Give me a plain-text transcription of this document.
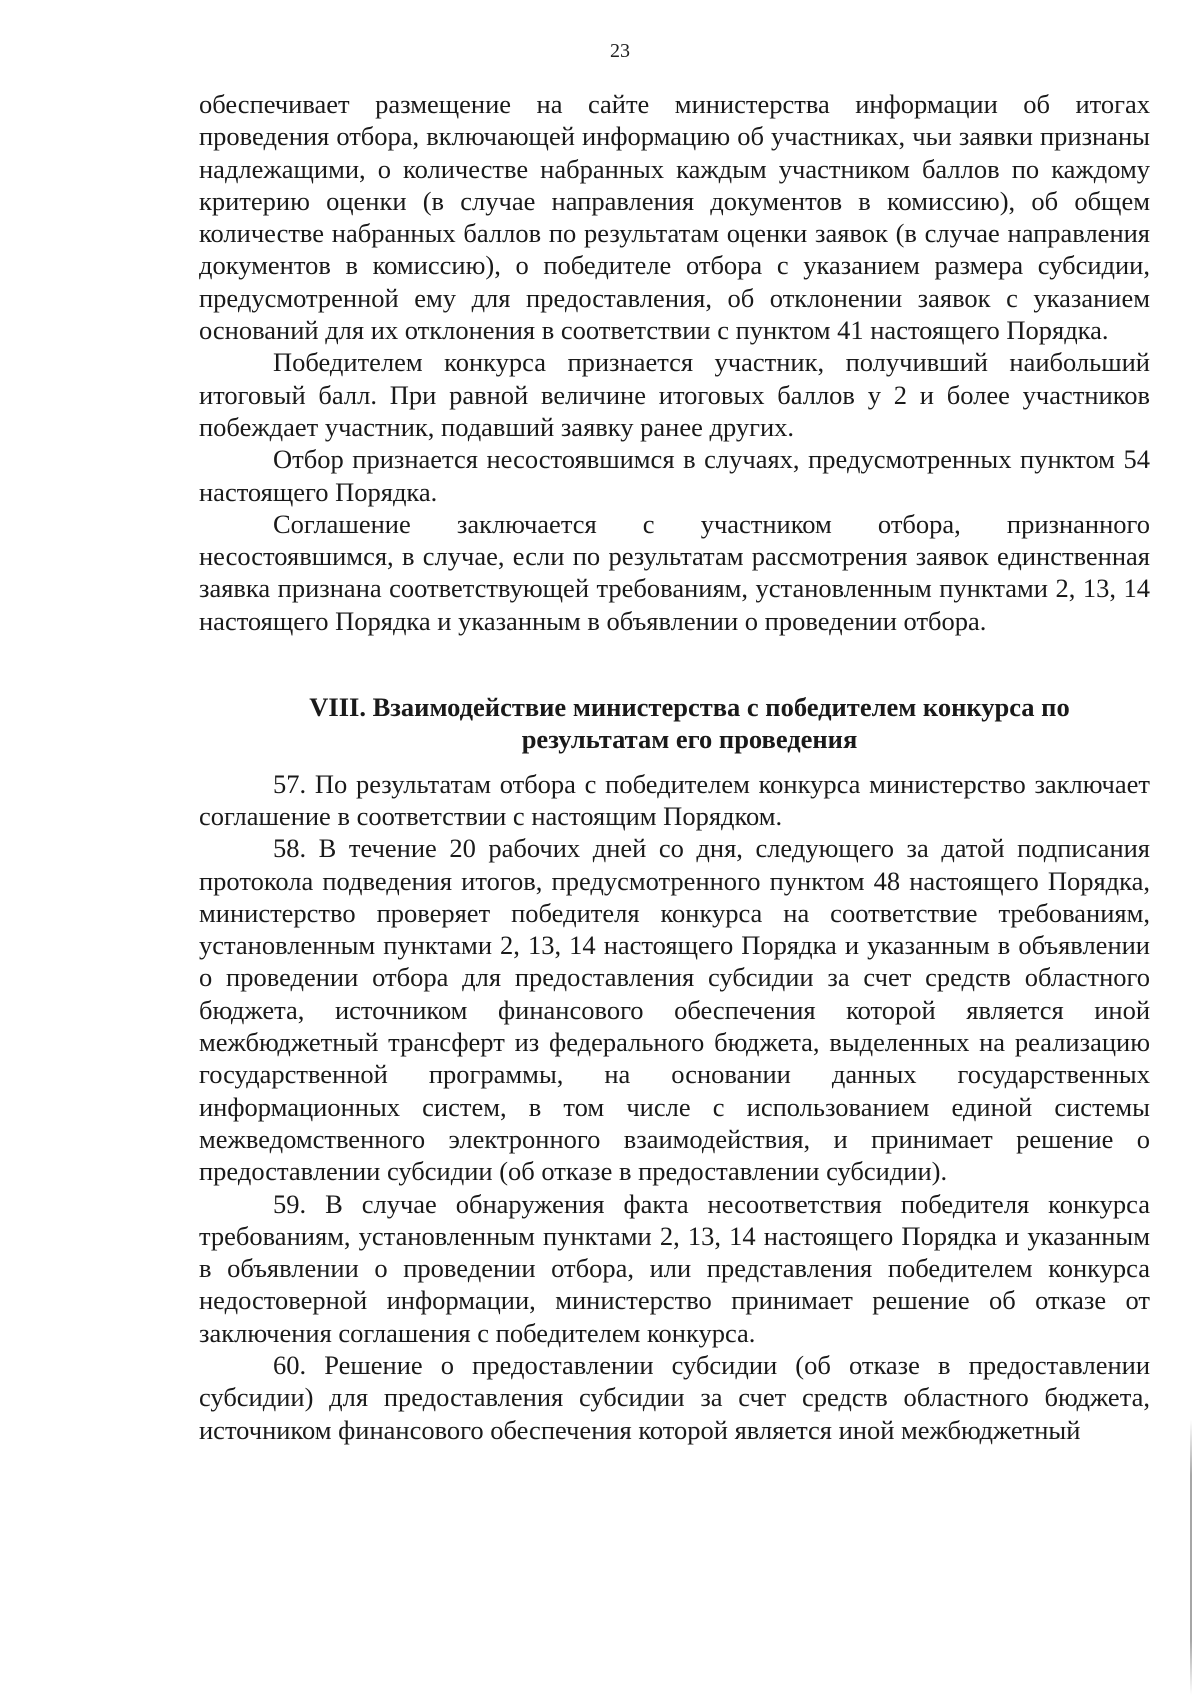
23

обеспечивает размещение на сайте министерства информации об итогах проведения отбора, включающей информацию об участниках, чьи заявки признаны надлежащими, о количестве набранных каждым участником баллов по каждому критерию оценки (в случае направления документов в комиссию), об общем количестве набранных баллов по результатам оценки заявок (в случае направления документов в комиссию), о победителе отбора с указанием размера субсидии, предусмотренной ему для предоставления, об отклонении заявок с указанием оснований для их отклонения в соответствии с пунктом 41 настоящего Порядка.

Победителем конкурса признается участник, получивший наибольший итоговый балл. При равной величине итоговых баллов у 2 и более участников побеждает участник, подавший заявку ранее других.

Отбор признается несостоявшимся в случаях, предусмотренных пунктом 54 настоящего Порядка.

Соглашение заключается с участником отбора, признанного несостоявшимся, в случае, если по результатам рассмотрения заявок единственная заявка признана соответствующей требованиям, установленным пунктами 2, 13, 14 настоящего Порядка и указанным в объявлении о проведении отбора.

VIII. Взаимодействие министерства с победителем конкурса по
результатам его проведения

57. По результатам отбора с победителем конкурса министерство заключает соглашение в соответствии с настоящим Порядком.

58. В течение 20 рабочих дней со дня, следующего за датой подписания протокола подведения итогов, предусмотренного пунктом 48 настоящего Порядка, министерство проверяет победителя конкурса на соответствие требованиям, установленным пунктами 2, 13, 14 настоящего Порядка и указанным в объявлении о проведении отбора для предоставления субсидии за счет средств областного бюджета, источником финансового обеспечения которой является иной межбюджетный трансферт из федерального бюджета, выделенных на реализацию государственной программы, на основании данных государственных информационных систем, в том числе с использованием единой системы межведомственного электронного взаимодействия, и принимает решение о предоставлении субсидии (об отказе в предоставлении субсидии).

59. В случае обнаружения факта несоответствия победителя конкурса требованиям, установленным пунктами 2, 13, 14 настоящего Порядка и указанным в объявлении о проведении отбора, или представления победителем конкурса недостоверной информации, министерство принимает решение об отказе от заключения соглашения с победителем конкурса.

60. Решение о предоставлении субсидии (об отказе в предоставлении субсидии) для предоставления субсидии за счет средств областного бюджета, источником финансового обеспечения которой является иной межбюджетный
